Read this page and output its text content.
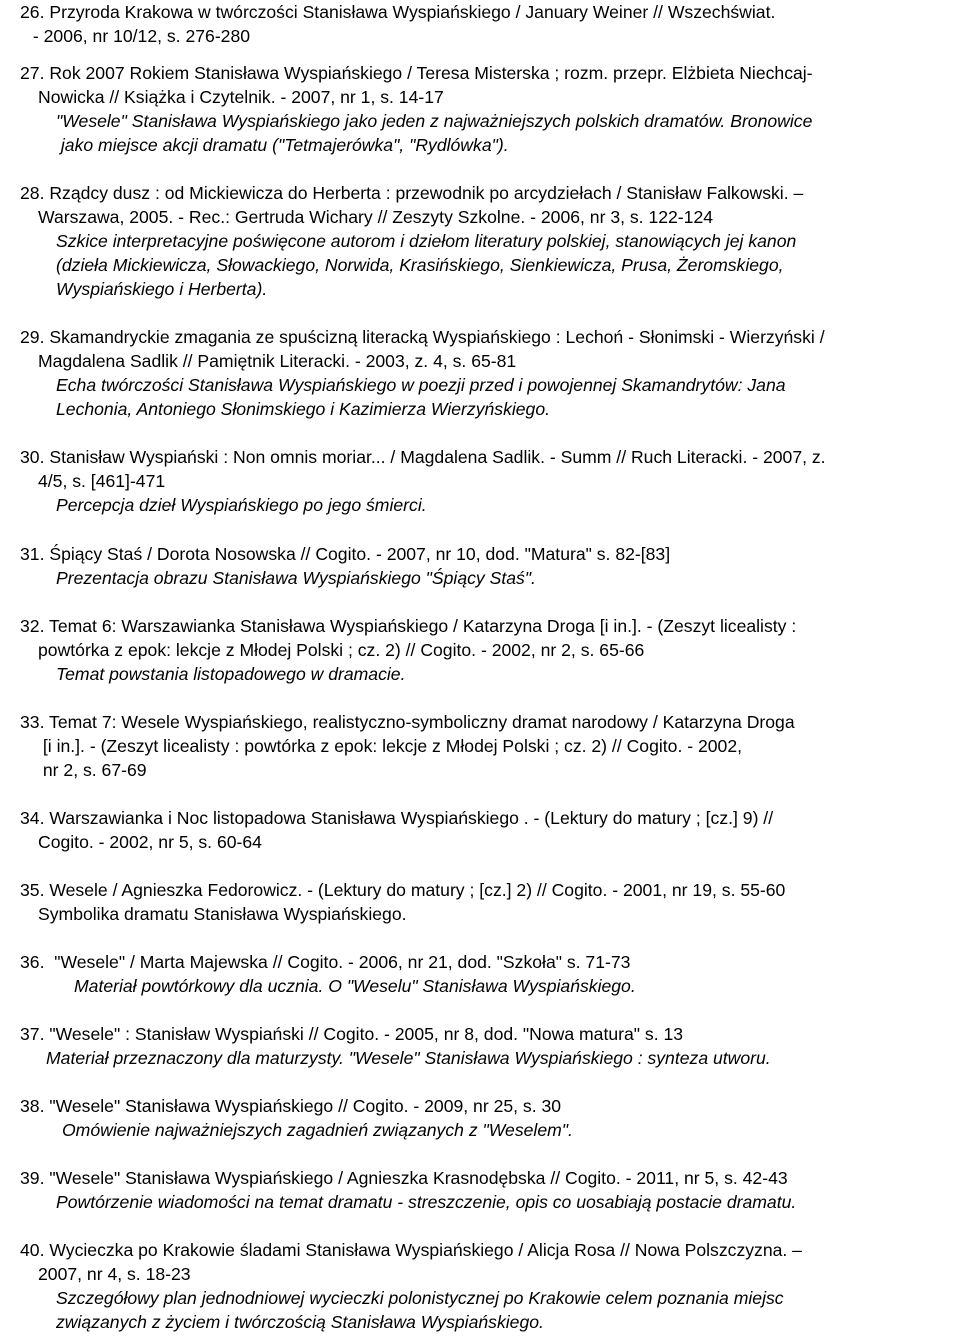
26. Przyroda Krakowa w twórczości Stanisława Wyspiańskiego / January Weiner // Wszechświat.
- 2006, nr 10/12, s. 276-280
27. Rok 2007 Rokiem Stanisława Wyspiańskiego / Teresa Misterska ; rozm. przepr. Elżbieta Niechcaj-
Nowicka // Książka i Czytelnik. - 2007, nr 1, s. 14-17
"Wesele" Stanisława Wyspiańskiego jako jeden z najważniejszych polskich dramatów. Bronowice
jako miejsce akcji dramatu ("Tetmajerówka", "Rydlówka").
28. Rządcy dusz : od Mickiewicza do Herberta : przewodnik po arcydziełach / Stanisław Falkowski. –
Warszawa, 2005. - Rec.: Gertruda Wichary // Zeszyty Szkolne. - 2006, nr 3, s. 122-124
Szkice interpretacyjne poświęcone autorom i dziełom literatury polskiej, stanowiących jej kanon
(dzieła Mickiewicza, Słowackiego, Norwida, Krasińskiego, Sienkiewicza, Prusa, Żeromskiego,
Wyspiańskiego i Herberta).
29. Skamandryckie zmagania ze spuścizną literacką Wyspiańskiego : Lechoń - Słonimski - Wierzyński /
Magdalena Sadlik // Pamiętnik Literacki. - 2003, z. 4, s. 65-81
Echa twórczości Stanisława Wyspiańskiego w poezji przed i powojennej Skamandrytów: Jana
Lechonia, Antoniego Słonimskiego i Kazimierza Wierzyńskiego.
30. Stanisław Wyspiański : Non omnis moriar... / Magdalena Sadlik. - Summ // Ruch Literacki. - 2007, z.
4/5, s. [461]-471
Percepcja dzieł Wyspiańskiego po jego śmierci.
31. Śpiący Staś / Dorota Nosowska // Cogito. - 2007, nr 10, dod. "Matura" s. 82-[83]
Prezentacja obrazu Stanisława Wyspiańskiego "Śpiący Staś".
32. Temat 6: Warszawianka Stanisława Wyspiańskiego / Katarzyna Droga [i in.]. - (Zeszyt licealisty :
powtórka z epok: lekcje z Młodej Polski ; cz. 2) // Cogito. - 2002, nr 2, s. 65-66
Temat powstania listopadowego w dramacie.
33. Temat 7: Wesele Wyspiańskiego, realistyczno-symboliczny dramat narodowy / Katarzyna Droga
[i in.]. - (Zeszyt licealisty : powtórka z epok: lekcje z Młodej Polski ; cz. 2) // Cogito. - 2002,
nr 2, s. 67-69
34. Warszawianka i Noc listopadowa Stanisława Wyspiańskiego . - (Lektury do matury ; [cz.] 9) //
Cogito. - 2002, nr 5, s. 60-64
35. Wesele / Agnieszka Fedorowicz. - (Lektury do matury ; [cz.] 2) // Cogito. - 2001, nr 19, s. 55-60
Symbolika dramatu Stanisława Wyspiańskiego.
36.  "Wesele" / Marta Majewska // Cogito. - 2006, nr 21, dod. "Szkoła" s. 71-73
Materiał powtórkowy dla ucznia. O "Weselu" Stanisława Wyspiańskiego.
37. "Wesele" : Stanisław Wyspiański // Cogito. - 2005, nr 8, dod. "Nowa matura" s. 13
Materiał przeznaczony dla maturzysty. "Wesele" Stanisława Wyspiańskiego : synteza utworu.
38. "Wesele" Stanisława Wyspiańskiego // Cogito. - 2009, nr 25, s. 30
Omówienie najważniejszych zagadnień związanych z "Weselem".
39. "Wesele" Stanisława Wyspiańskiego / Agnieszka Krasnodębska // Cogito. - 2011, nr 5, s. 42-43
Powtórzenie wiadomości na temat dramatu - streszczenie, opis co uosabiają postacie dramatu.
40. Wycieczka po Krakowie śladami Stanisława Wyspiańskiego / Alicja Rosa // Nowa Polszczyzna. –
2007, nr 4, s. 18-23
Szczegółowy plan jednodniowej wycieczki polonistycznej po Krakowie celem poznania miejsc
związanych z życiem i twórczością Stanisława Wyspiańskiego.
